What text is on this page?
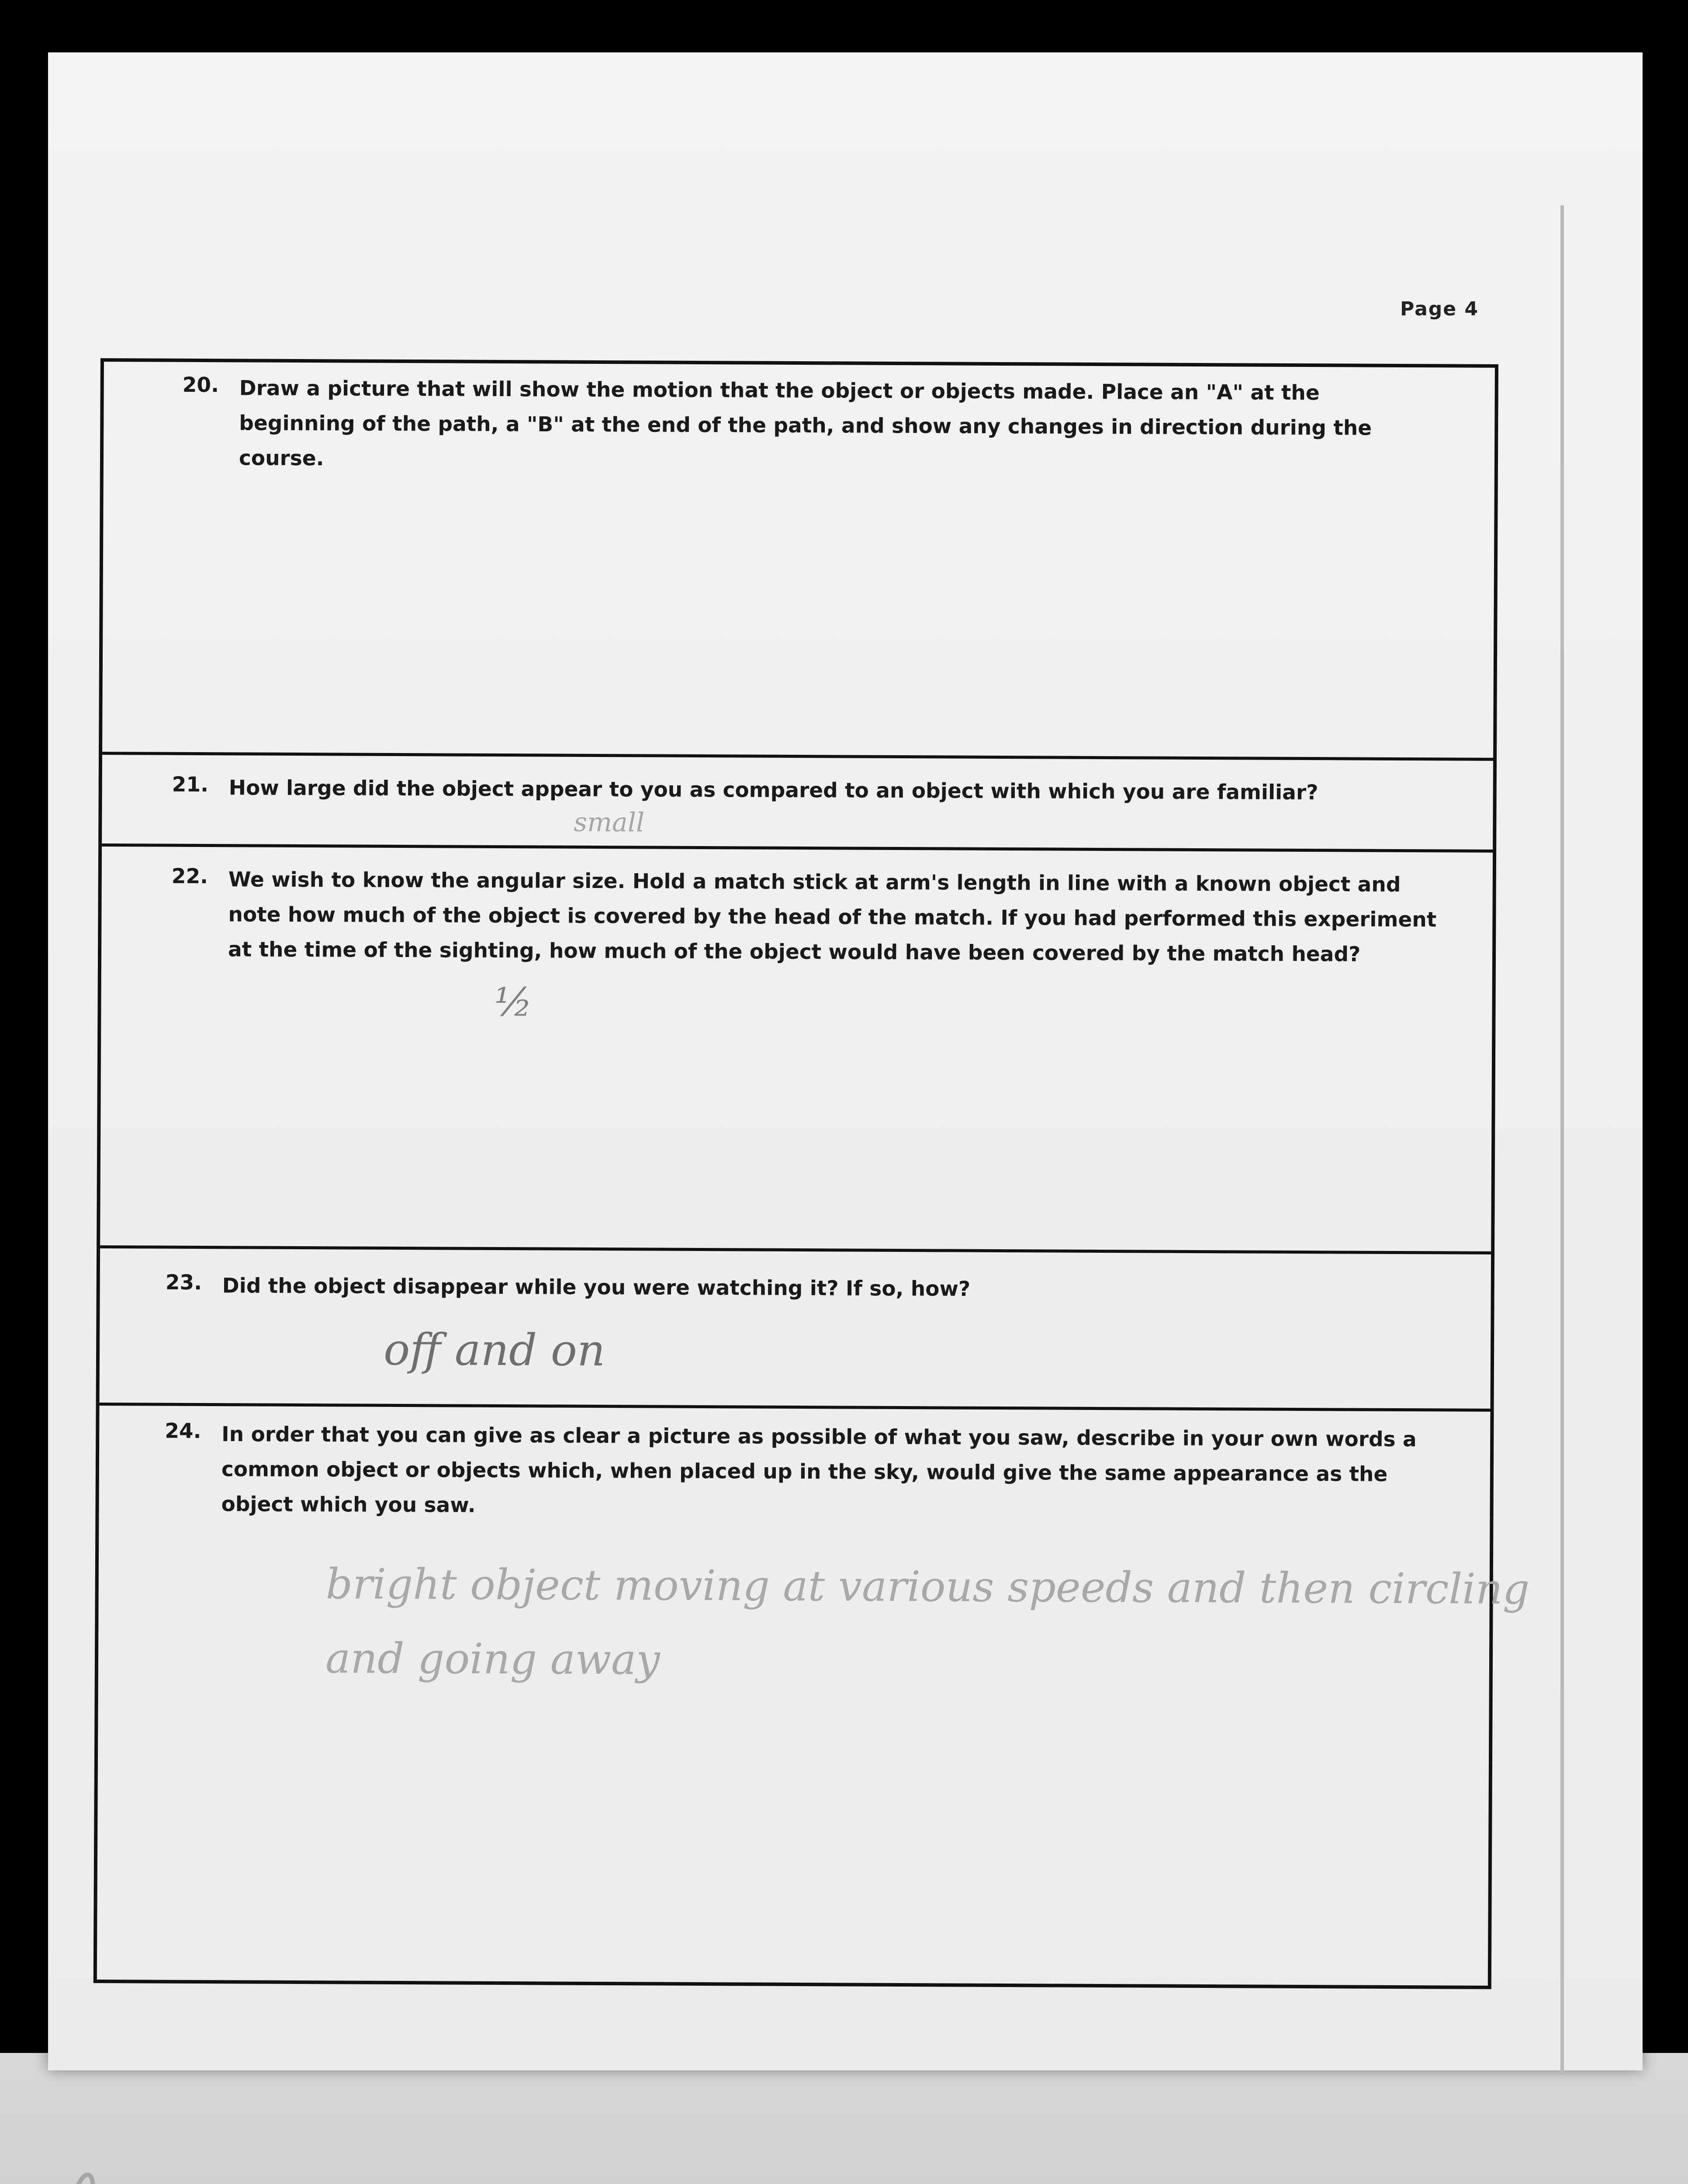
Page 4
20. Draw a picture that will show the motion that the object or objects made. Place an "A" at the beginning of the path, a "B" at the end of the path, and show any changes in direction during the course.
21. How large did the object appear to you as compared to an object with which you are familiar?
small
22. We wish to know the angular size. Hold a match stick at arm's length in line with a known object and note how much of the object is covered by the head of the match. If you had performed this experiment at the time of the sighting, how much of the object would have been covered by the match head?
½
23. Did the object disappear while you were watching it? If so, how?
off and on
24. In order that you can give as clear a picture as possible of what you saw, describe in your own words a common object or objects which, when placed up in the sky, would give the same appearance as the object which you saw.
bright object moving at various speeds and then circling
and going away
